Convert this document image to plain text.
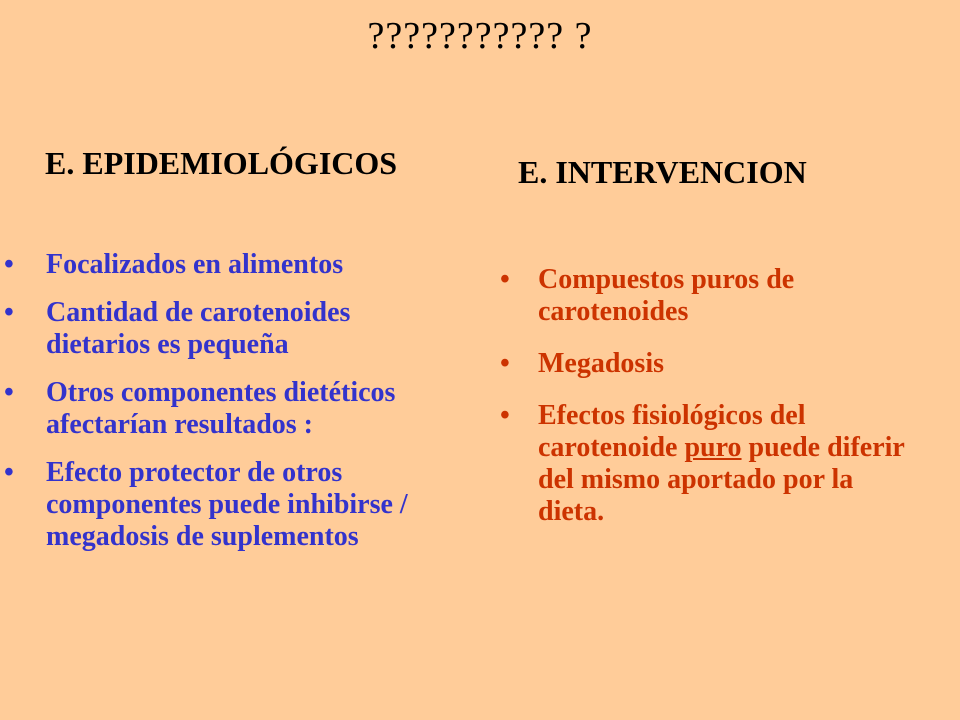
??????????? ?
E. EPIDEMIOLÓGICOS	E. INTERVENCION
• Focalizados en alimentos
• Cantidad de carotenoides dietarios es pequeña
• Otros componentes dietéticos afectarían resultados :
• Efecto protector de otros componentes puede inhibirse / megadosis de suplementos
• Compuestos puros de carotenoides
• Megadosis
• Efectos fisiológicos del carotenoide puro puede diferir del mismo aportado por la dieta.
